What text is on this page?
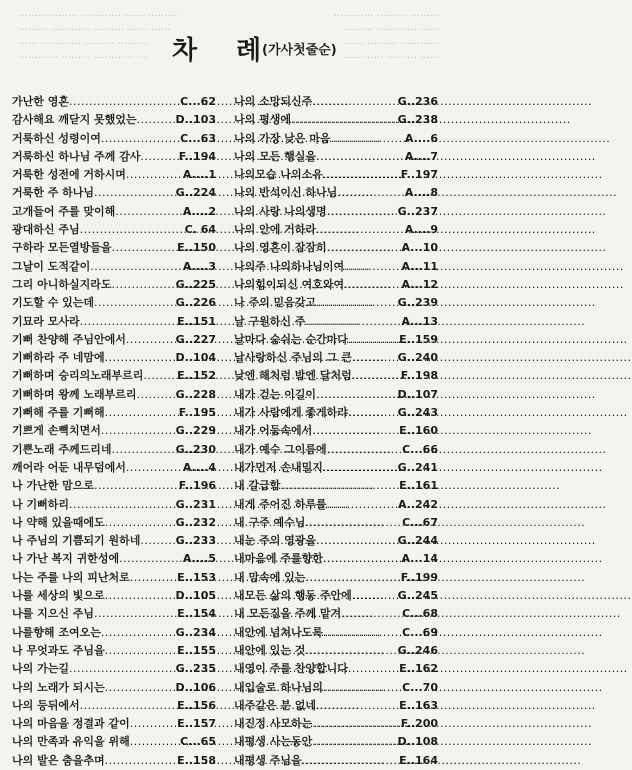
……………… ………… …… ………
……… ………… ……… …… ……
…… ………… ……… ………
………… ……… ………… …
………… ……… ………
……… ………… ……
…… ……… …………
………… ……… ……
차 례 (가사첫줄순)
가난한 영혼 .....	C...62
감사해요 깨닫지 못했었는 .....	D..103
거룩하신 성령이여 .....	C...63
거룩하신 하나님 주께 감사 .....	F..194
거룩한 성전에 거하시며 .....	A....1
거룩한 주 하나님 .....	G..224
고개들어 주를 맞이해 .....	A....2
광대하신 주님 .....	C. 64
구하라 모든열방들을 .....	E..150
그날이 도적같이 .....	A....3
그리 아니하실지라도 .....	G..225
기도할 수 있는데 .....	G..226
기묘라 모사라 .....	E..151
기뻐 찬양해 주님안에서 .....	G..227
기뻐하라 주 네맘에 .....	D..104
기뻐하며 승리의노래부르리 .....	E..152
기뻐하며 왕께 노래부르리 .....	G..228
기뻐해 주를 기뻐해 .....	F..195
기쁘게 손뼉치면서 .....	G..229
기쁜노래 주께드리네 .....	G..230
깨어라 어둔 내무덤에서 .....	A....4
나 가난한 맘으로 .....	F..196
나 기뻐하리 .....	G..231
나 약해 있을때에도 .....	G..232
나 주님의 기쁨되기 원하네 .....	G..233
나 가난 복지 귀한성에 .....	A....5
나는 주를 나의 피난처로 .....	E..153
나를 세상의 빛으로 .....	D..105
나를 지으신 주님 .....	E..154
나를향해 조여오는 .....	G..234
나 무엇과도 주님을 .....	E..155
나의 가는길 .....	G..235
나의 노래가 되시는 .....	D..106
나의 등뒤에서 .....	E..156
나의 마음을 정결과 같이 .....	E..157
나의 만족과 유익을 위해 .....	C...65
나의 발은 춤을추며 .....	E..158
나의 소망되신주 .....	G..236
나의 평생에 .....	G..238
나의 가장 낮은 마음 .....	A....6
나의 모든 행실을 .....	A....7
나의모습 나의소유 .....	F..197
나의 반석이신 하나님 .....	A....8
나의 사랑 나의생명 .....	G..237
나의 안에 거하라 .....	A....9
나의 영혼이 잠잠히 .....	A...10
나의주 나의하나님이여 .....	A...11
나의힘이되신 여호와여 .....	A...12
나 주의 믿음갖고 .....	G..239
날 구원하신 주 .....	A...13
날마다 숨쉬는 순간마다 .....	E..159
날사랑하신 주님의 그 큰 .....	G..240
낮엔 해처럼 밤엔 달처럼 .....	F..198
내가 걷는 이길이 .....	D..107
내가 사람에게 좋게하랴 .....	G..243
내가 어둠속에서 .....	E..160
내가 예수 그이름에 .....	C...66
내가먼저 손내밀지 .....	G..241
내 갈급함 .....	E..161
내게 주어진 하루를 .....	A..242
내 구주 예수님 .....	C...67
내눈 주의 영광을 .....	G..244
내마음에 주를향한 .....	A...14
내 맘속에 있는 .....	F..199
내모든 삶의 행동 주안에 .....	G..245
내 모든짐을 주께 맡겨 .....	C...68
내안에 넘쳐나도록 .....	C...69
내안에 있는 것 .....	G..246
내영이 주를 찬양합니다 .....	E..162
내입술로 하나님의 .....	C...70
내주같은 분 없네 .....	E..163
내진정 사모하는 .....	F..200
내평생 사는동안 .....	D..108
내평생 주님을 .....	E..164
